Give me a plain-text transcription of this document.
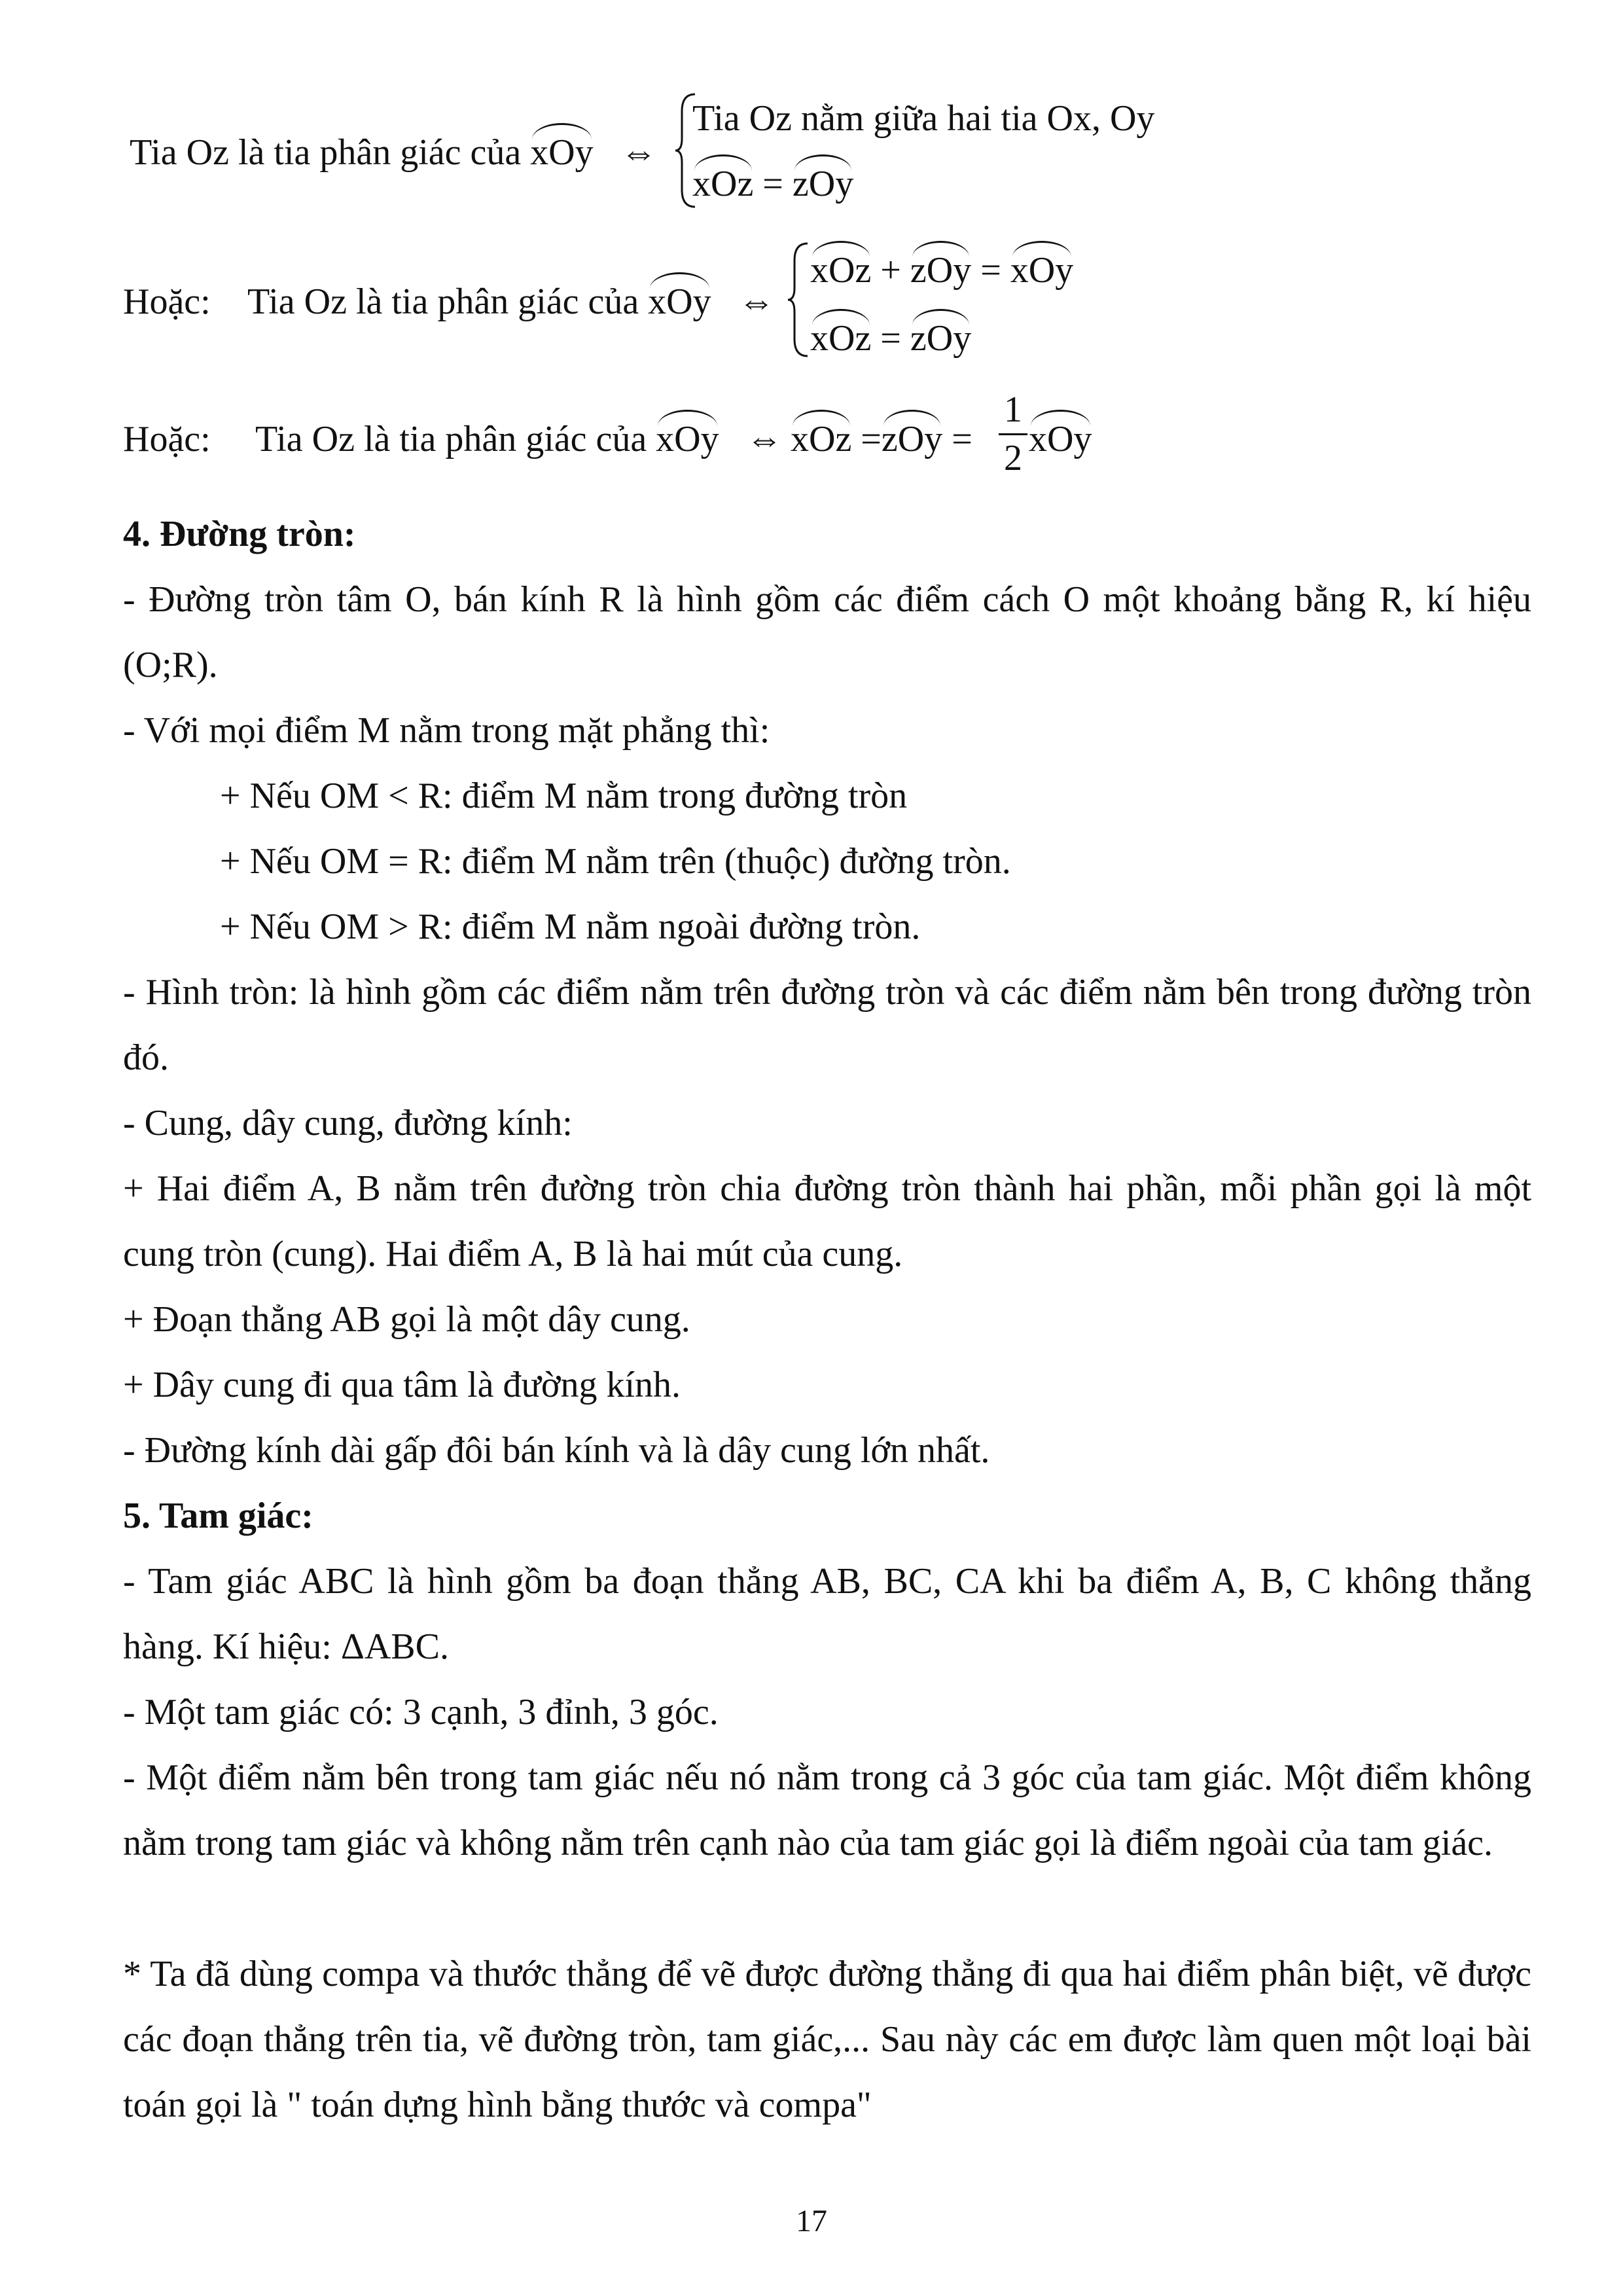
Tia Oz là tia phân giác của xOy ⇔
Tia Oz nằm giữa hai tia Ox, Oy
xOz = zOy
Hoặc: Tia Oz là tia phân giác của xOy ⇔
xOz + zOy = xOy
xOz = zOy
Hoặc: Tia Oz là tia phân giác của xOy ⇔ xOz =zOy =
1
2 xOy
4. Đường tròn:
- Đường tròn tâm O, bán kính R là hình gồm các điểm cách O một khoảng bằng R, kí hiệu (O;R).
- Với mọi điểm M nằm trong mặt phẳng thì:
+ Nếu OM < R: điểm M nằm trong đường tròn
+ Nếu OM = R: điểm M nằm trên (thuộc) đường tròn.
+ Nếu OM > R: điểm M nằm ngoài đường tròn.
- Hình tròn: là hình gồm các điểm nằm trên đường tròn và các điểm nằm bên trong đường tròn đó.
- Cung, dây cung, đường kính:
+ Hai điểm A, B nằm trên đường tròn chia đường tròn thành hai phần, mỗi phần gọi là một cung tròn (cung). Hai điểm A, B là hai mút của cung.
+ Đoạn thẳng AB gọi là một dây cung.
+ Dây cung đi qua tâm là đường kính.
- Đường kính dài gấp đôi bán kính và là dây cung lớn nhất.
5. Tam giác:
- Tam giác ABC là hình gồm ba đoạn thẳng AB, BC, CA khi ba điểm A, B, C không thẳng hàng. Kí hiệu: ΔABC.
- Một tam giác có: 3 cạnh, 3 đỉnh, 3 góc.
- Một điểm nằm bên trong tam giác nếu nó nằm trong cả 3 góc của tam giác. Một điểm không nằm trong tam giác và không nằm trên cạnh nào của tam giác gọi là điểm ngoài của tam giác.
* Ta đã dùng compa và thước thẳng để vẽ được đường thẳng đi qua hai điểm phân biệt, vẽ được các đoạn thẳng trên tia, vẽ đường tròn, tam giác,... Sau này các em được làm quen một loại bài toán gọi là " toán dựng hình bằng thước và compa"
17
